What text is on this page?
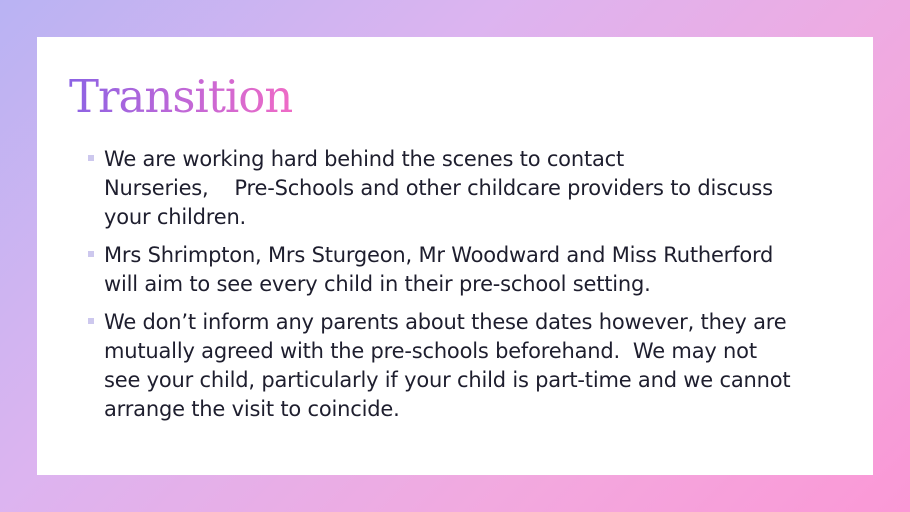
Transition
We are working hard behind the scenes to contact
Nurseries,    Pre-Schools and other childcare providers to discuss
your children.
Mrs Shrimpton, Mrs Sturgeon, Mr Woodward and Miss Rutherford
will aim to see every child in their pre-school setting.
We don’t inform any parents about these dates however, they are
mutually agreed with the pre-schools beforehand.  We may not
see your child, particularly if your child is part-time and we cannot
arrange the visit to coincide.
